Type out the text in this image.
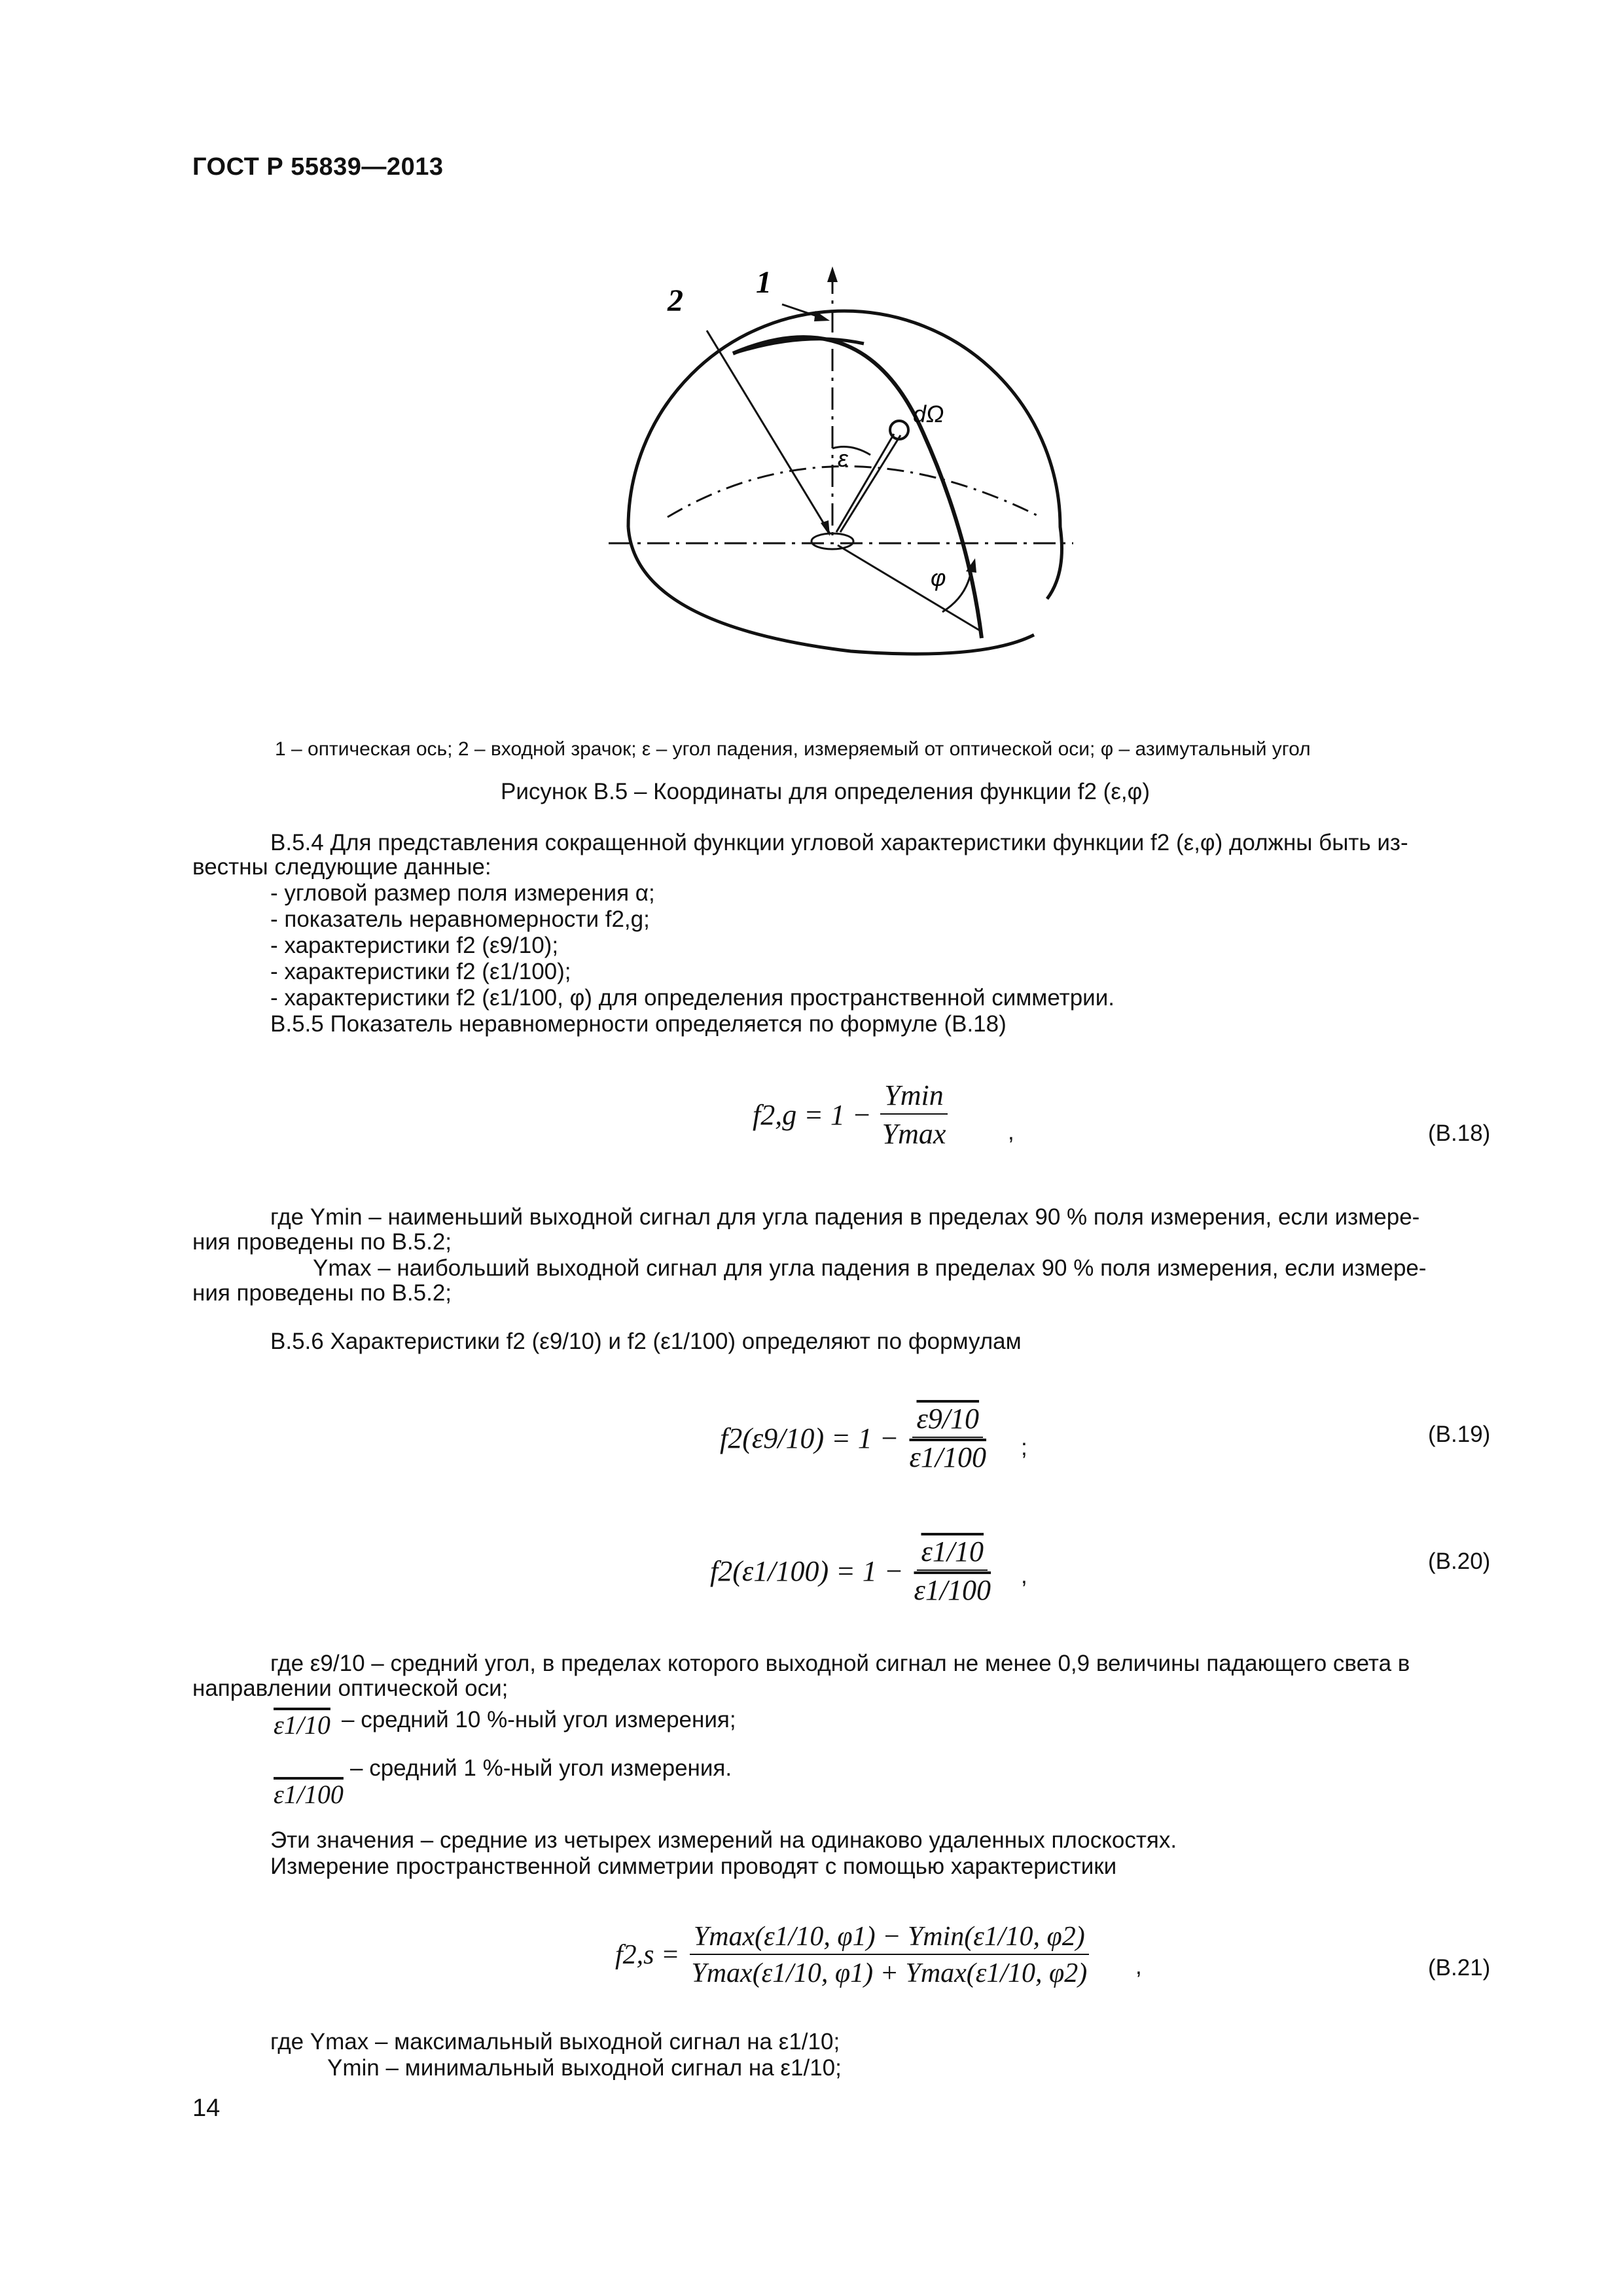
ГОСТ Р 55839—2013
2
1
dΩ
ε
φ
1 – оптическая ось; 2 – входной зрачок; ε – угол падения, измеряемый от оптической оси; φ – азимутальный угол
Рисунок В.5 – Координаты для определения функции f2 (ε,φ)
В.5.4 Для представления сокращенной функции угловой характеристики функции f2 (ε,φ) должны быть из-
вестны следующие данные:
- угловой размер поля измерения α;
- показатель неравномерности f2,g;
- характеристики f2 (ε9/10);
- характеристики f2 (ε1/100);
- характеристики f2 (ε1/100, φ) для определения пространственной симметрии.
В.5.5 Показатель неравномерности определяется по формуле (В.18)
$f2,g = 1 - \frac{Ymin}{Ymax}$	,	(В.18)
где Ymin – наименьший выходной сигнал для угла падения в пределах 90 % поля измерения, если измере-
ния проведены по В.5.2;
Ymax – наибольший выходной сигнал для угла падения в пределах 90 % поля измерения, если измере-
ния проведены по В.5.2;
В.5.6 Характеристики f2 (ε9/10) и f2 (ε1/100) определяют по формулам
$f2(\varepsilon 9/10) = 1 - \frac{\varepsilon 9/10}{\varepsilon 1/100}$ ;
(В.19)
$f2(\varepsilon 1/100) = 1 - \frac{\varepsilon 1/10}{\varepsilon 1/100}$ ,
(В.20)
где ε9/10 – средний угол, в пределах которого выходной сигнал не менее 0,9 величины падающего света в
направлении оптической оси;
ε1/10 – средний 10 %-ный угол измерения;
ε1/100
– средний 1 %-ный угол измерения.
Эти значения – средние из четырех измерений на одинаково удаленных плоскостях.
Измерение пространственной симметрии проводят с помощью характеристики
$f2,s = \frac{Ymax(\varepsilon 1/10, \varphi 1) - Ymin(\varepsilon 1/10, \varphi 2)}{Ymax(\varepsilon 1/10, \varphi 1) + Ymax(\varepsilon 1/10, \varphi 2)}$ ,	(В.21)
где Ymax – максимальный выходной сигнал на ε1/10;
Ymin – минимальный выходной сигнал на ε1/10;
14
